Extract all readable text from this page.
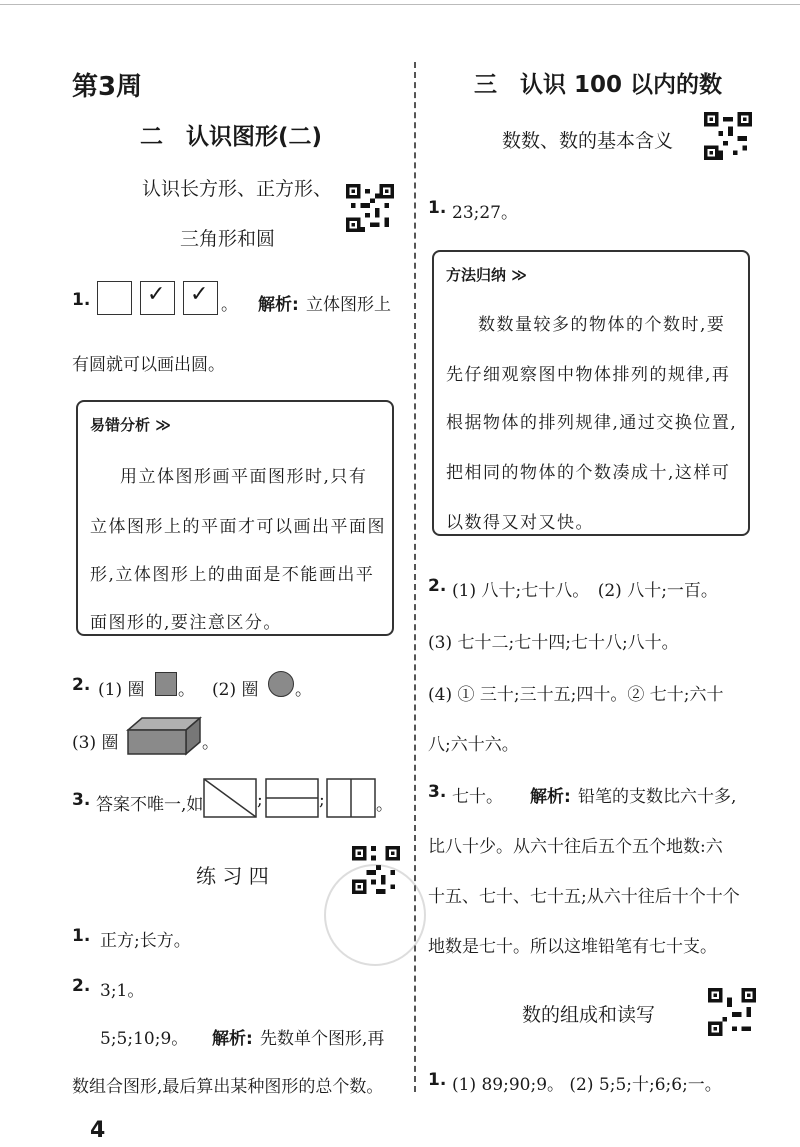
第3周
二　认识图形(二)
认识长方形、正方形、
三角形和圆
1.	✓ ✓ 。 解析: 立体图形上
有圆就可以画出圆。
易错分析 ≫
用立体图形画平面图形时,只有
立体图形上的平面才可以画出平面图
形,立体图形上的曲面是不能画出平
面图形的,要注意区分。
2. (1) 圈 。 (2) 圈 。
(3) 圈	。
3. 答案不唯一,如	;	;	。
练 习 四
1. 正方;长方。
2. 3;1。
5;5;10;9。 解析: 先数单个图形,再
数组合图形,最后算出某种图形的总个数。
4
三　认识 100 以内的数
数数、数的基本含义
1. 23;27。
方法归纳 ≫
数数量较多的物体的个数时,要
先仔细观察图中物体排列的规律,再
根据物体的排列规律,通过交换位置,
把相同的物体的个数凑成十,这样可
以数得又对又快。
2. (1) 八十;七十八。　(2) 八十;一百。
(3) 七十二;七十四;七十八;八十。
(4) ① 三十;三十五;四十。② 七十;六十
八;六十六。
3. 七十。 解析: 铅笔的支数比六十多,
比八十少。从六十往后五个五个地数:六
十五、七十、七十五;从六十往后十个十个
地数是七十。所以这堆铅笔有七十支。
数的组成和读写
1. (1) 89;90;9。 (2) 5;5;十;6;6;一。
